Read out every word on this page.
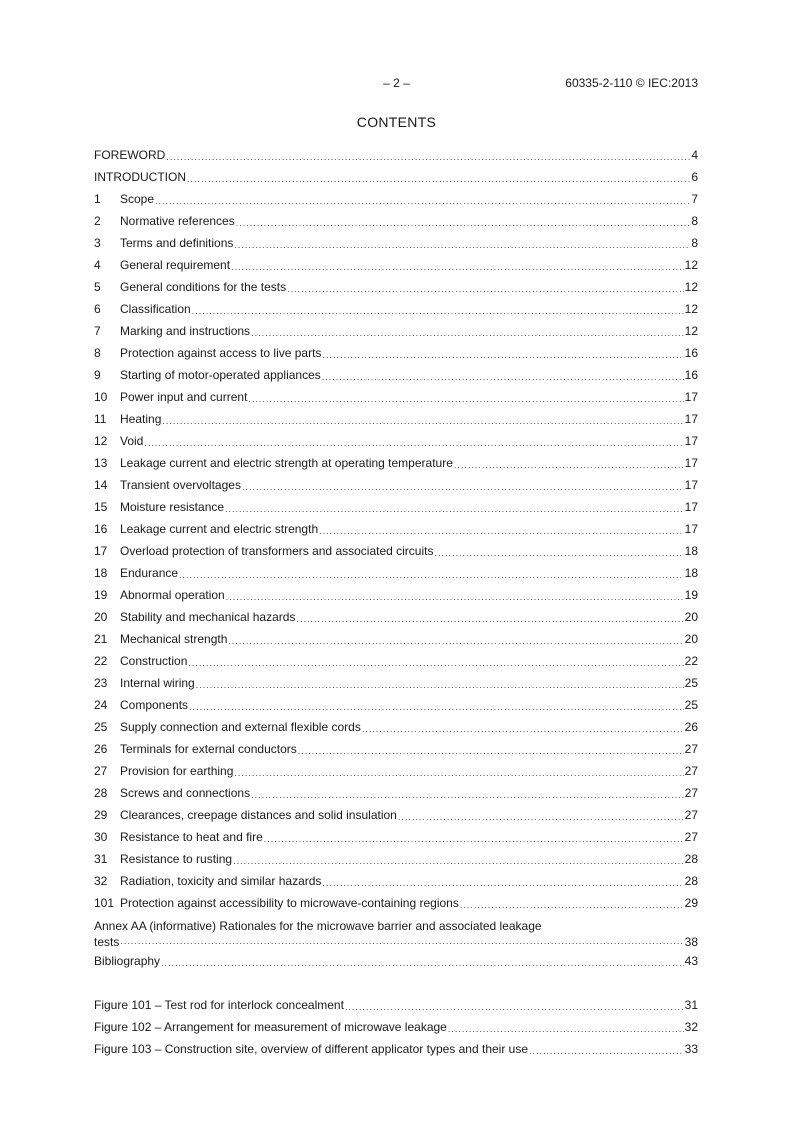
– 2 –	60335-2-110 © IEC:2013
CONTENTS
FOREWORD .....	4
INTRODUCTION .....	6
1	Scope .....	7
2	Normative references .....	8
3	Terms and definitions .....	8
4	General requirement .....	12
5	General conditions for the tests .....	12
6	Classification .....	12
7	Marking and instructions .....	12
8	Protection against access to live parts .....	16
9	Starting of motor-operated appliances .....	16
10	Power input and current .....	17
11	Heating .....	17
12	Void .....	17
13	Leakage current and electric strength at operating temperature .....	17
14	Transient overvoltages .....	17
15	Moisture resistance .....	17
16	Leakage current and electric strength .....	17
17	Overload protection of transformers and associated circuits .....	18
18	Endurance .....	18
19	Abnormal operation .....	19
20	Stability and mechanical hazards .....	20
21	Mechanical strength .....	20
22	Construction .....	22
23	Internal wiring .....	25
24	Components .....	25
25	Supply connection and external flexible cords .....	26
26	Terminals for external conductors .....	27
27	Provision for earthing .....	27
28	Screws and connections .....	27
29	Clearances, creepage distances and solid insulation .....	27
30	Resistance to heat and fire .....	27
31	Resistance to rusting .....	28
32	Radiation, toxicity and similar hazards .....	28
101 Protection against accessibility to microwave-containing regions .....	29
Annex AA (informative) Rationales for the microwave barrier and associated leakage
tests .....	38
Bibliography .....	43
Figure 101 – Test rod for interlock concealment .....	31
Figure 102 – Arrangement for measurement of microwave leakage .....	32
Figure 103 – Construction site, overview of different applicator types and their use .....	33
